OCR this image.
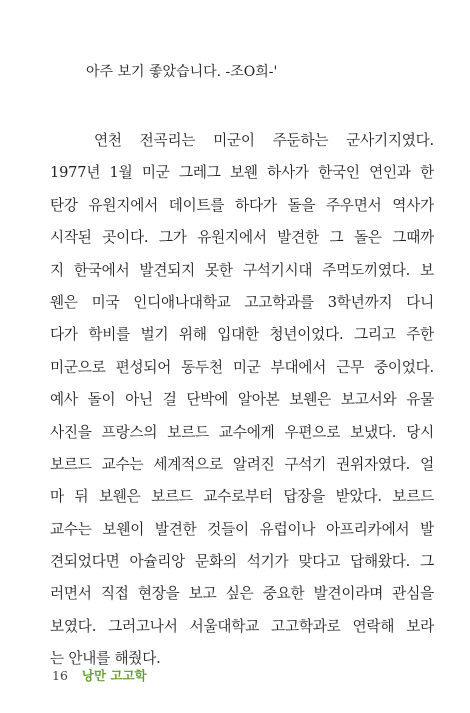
아주 보기 좋았습니다. -조O희-'
연천 전곡리는 미군이 주둔하는 군사기지였다.
1977년 1월 미군 그레그 보웬 하사가 한국인 연인과 한
탄강 유원지에서 데이트를 하다가 돌을 주우면서 역사가
시작된 곳이다. 그가 유원지에서 발견한 그 돌은 그때까
지 한국에서 발견되지 못한 구석기시대 주먹도끼였다. 보
웬은 미국 인디애나대학교 고고학과를 3학년까지 다니
다가 학비를 벌기 위해 입대한 청년이었다. 그리고 주한
미군으로 편성되어 동두천 미군 부대에서 근무 중이었다.
예사 돌이 아닌 걸 단박에 알아본 보웬은 보고서와 유물
사진을 프랑스의 보르드 교수에게 우편으로 보냈다. 당시
보르드 교수는 세계적으로 알려진 구석기 권위자였다. 얼
마 뒤 보웬은 보르드 교수로부터 답장을 받았다. 보르드
교수는 보웬이 발견한 것들이 유럽이나 아프리카에서 발
견되었다면 아슐리앙 문화의 석기가 맞다고 답해왔다. 그
러면서 직접 현장을 보고 싶은 중요한 발견이라며 관심을
보였다. 그러고나서 서울대학교 고고학과로 연락해 보라
는 안내를 해줬다.
16 낭만 고고학
